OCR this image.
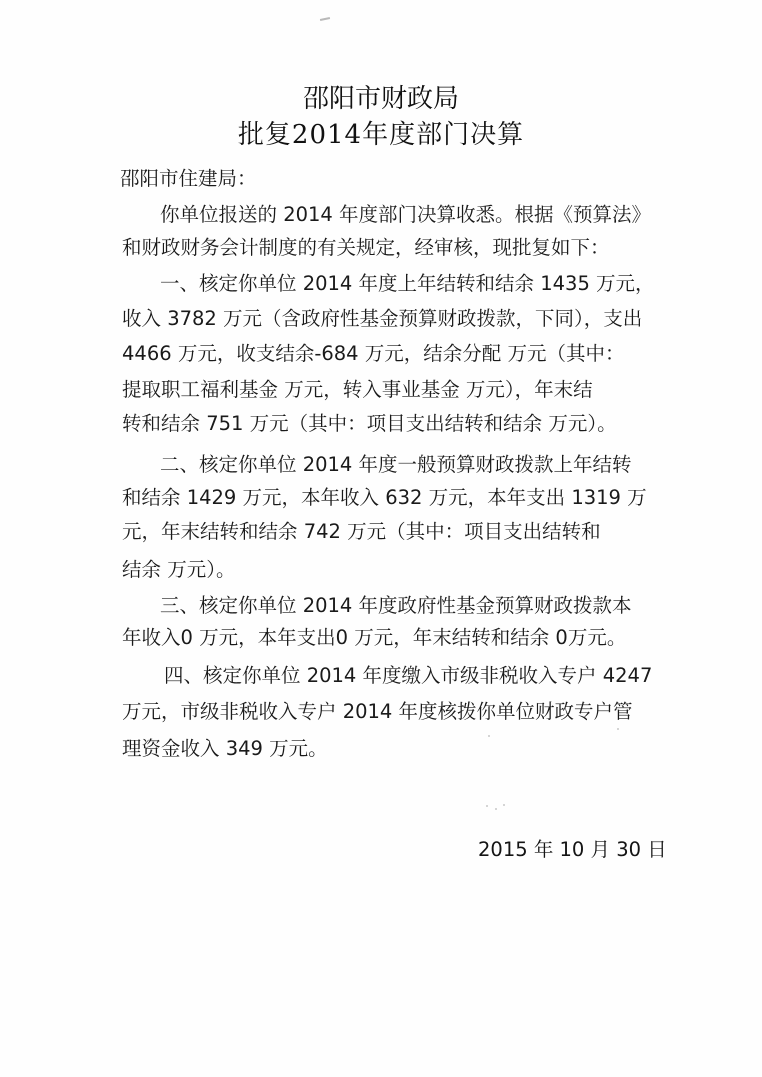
邵阳市财政局
批复2014年度部门决算
邵阳市住建局：
你单位报送的 2014 年度部门决算收悉。根据《预算法》
和财政财务会计制度的有关规定，经审核，现批复如下：
一、核定你单位 2014 年度上年结转和结余 1435 万元，
收入 3782 万元（含政府性基金预算财政拨款，下同），支出
4466 万元，收支结余-684 万元，结余分配 万元（其中：
提取职工福利基金 万元，转入事业基金 万元），年末结
转和结余 751 万元（其中：项目支出结转和结余 万元）。
二、核定你单位 2014 年度一般预算财政拨款上年结转
和结余 1429 万元，本年收入 632 万元，本年支出 1319 万
元，年末结转和结余 742 万元（其中：项目支出结转和
结余 万元）。
三、核定你单位 2014 年度政府性基金预算财政拨款本
年收入0 万元，本年支出0 万元，年末结转和结余 0万元。
四、核定你单位 2014 年度缴入市级非税收入专户 4247
万元，市级非税收入专户 2014 年度核拨你单位财政专户管
理资金收入 349 万元。
2015 年 10 月 30 日
